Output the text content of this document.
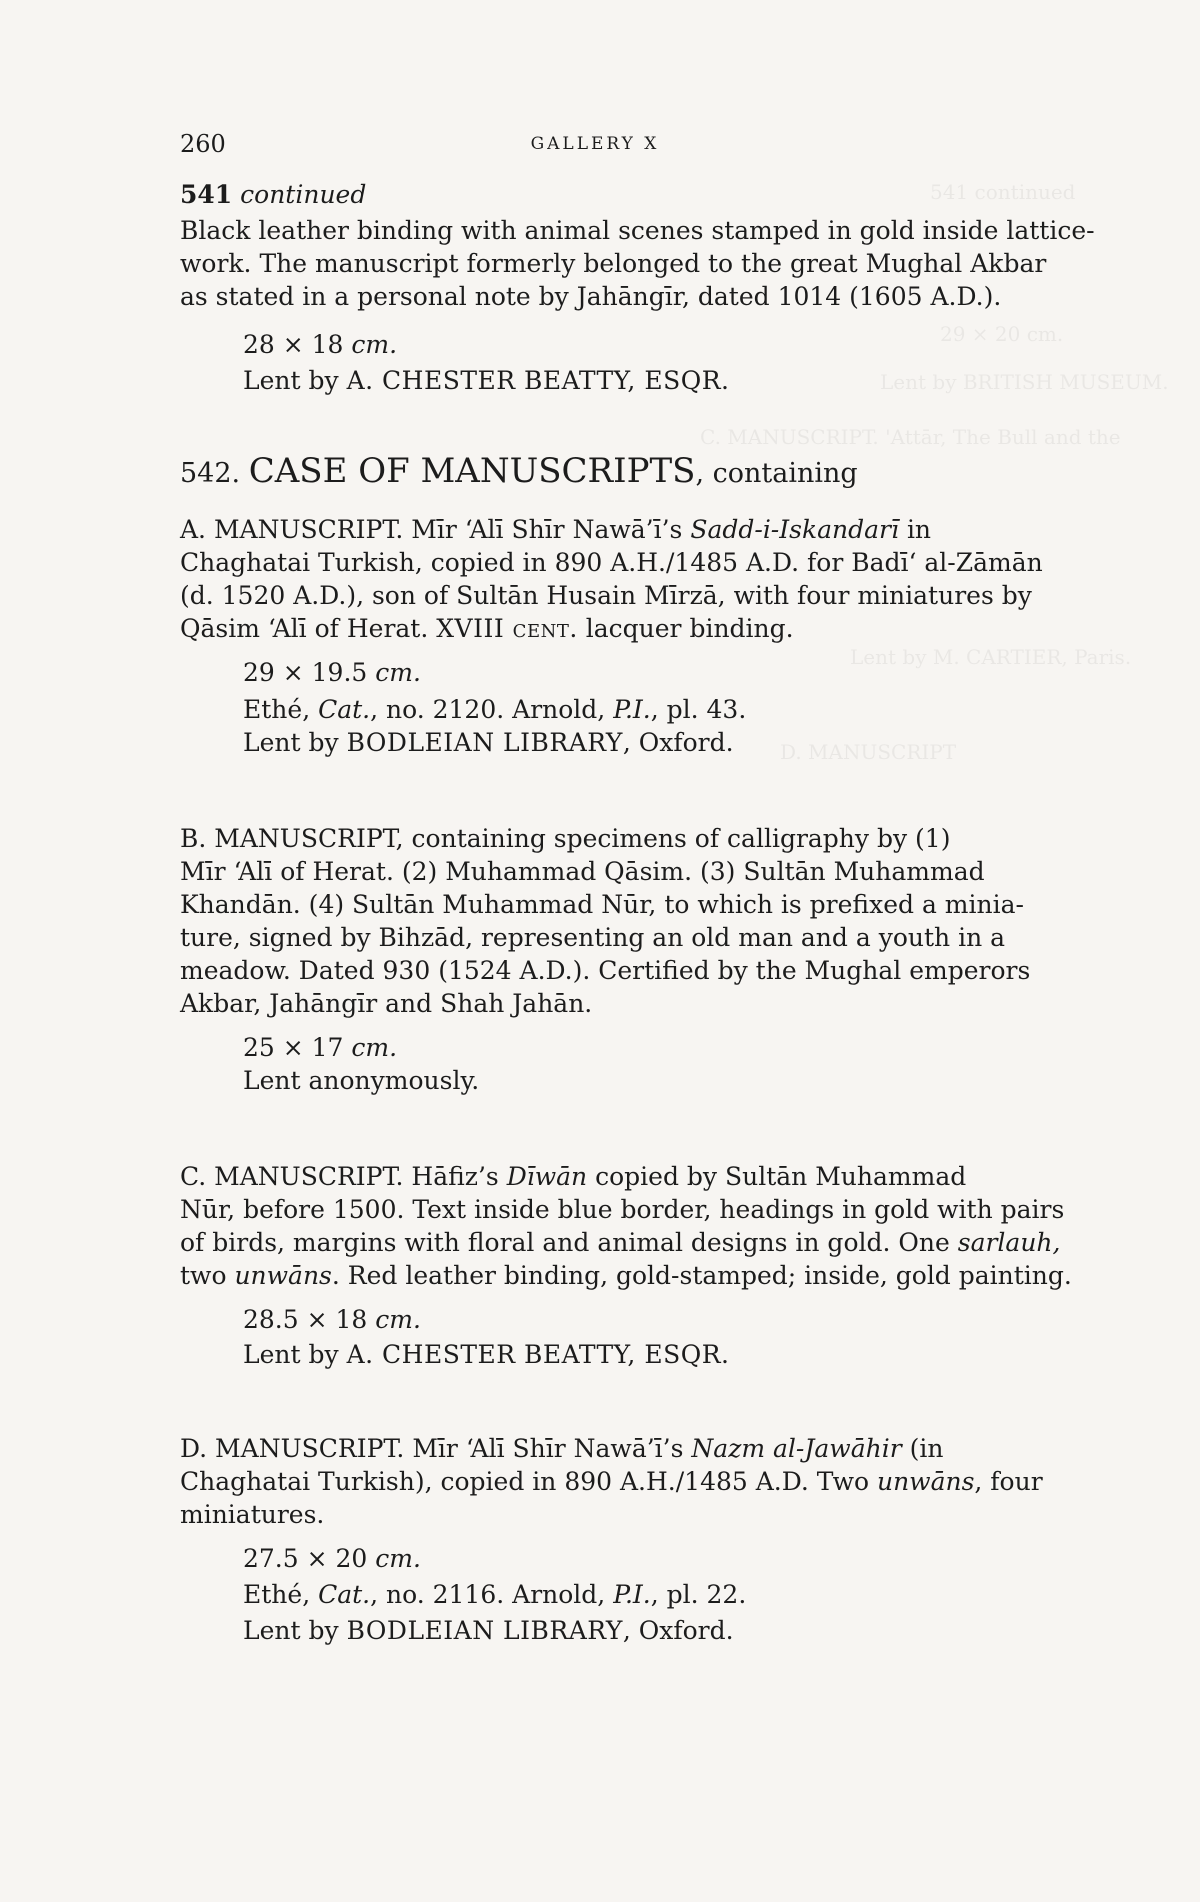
541 continued
29 × 20 cm.
Lent by BRITISH MUSEUM.
C. MANUSCRIPT. 'Attār, The Bull and the
Lent by M. CARTIER, Paris.
D. MANUSCRIPT
260	GALLERY X
541 continued
Black leather binding with animal scenes stamped in gold inside lattice-
work. The manuscript formerly belonged to the great Mughal Akbar
as stated in a personal note by Jahāngīr, dated 1014 (1605 A.D.).
28 × 18 cm.
Lent by A. CHESTER BEATTY, ESQR.
542. CASE OF MANUSCRIPTS, containing
A. MANUSCRIPT. Mīr ‘Alī Shīr Nawā’ī’s Sadd-i-Iskandarī in
Chaghatai Turkish, copied in 890 A.H./1485 A.D. for Badī‘ al-Zāmān
(d. 1520 A.D.), son of Sultān Husain Mīrzā, with four miniatures by
Qāsim ‘Alī of Herat. XVIII cent. lacquer binding.
29 × 19.5 cm.
Ethé, Cat., no. 2120. Arnold, P.I., pl. 43.
Lent by BODLEIAN LIBRARY, Oxford.
B. MANUSCRIPT, containing specimens of calligraphy by (1)
Mīr ‘Alī of Herat. (2) Muhammad Qāsim. (3) Sultān Muhammad
Khandān. (4) Sultān Muhammad Nūr, to which is prefixed a minia-
ture, signed by Bihzād, representing an old man and a youth in a
meadow. Dated 930 (1524 A.D.). Certified by the Mughal emperors
Akbar, Jahāngīr and Shah Jahān.
25 × 17 cm.
Lent anonymously.
C. MANUSCRIPT. Hāfiz’s Dīwān copied by Sultān Muhammad
Nūr, before 1500. Text inside blue border, headings in gold with pairs
of birds, margins with floral and animal designs in gold. One sarlauh,
two unwāns. Red leather binding, gold-stamped; inside, gold painting.
28.5 × 18 cm.
Lent by A. CHESTER BEATTY, ESQR.
D. MANUSCRIPT. Mīr ‘Alī Shīr Nawā’ī’s Nazm al-Jawāhir (in
Chaghatai Turkish), copied in 890 A.H./1485 A.D. Two unwāns, four
miniatures.
27.5 × 20 cm.
Ethé, Cat., no. 2116. Arnold, P.I., pl. 22.
Lent by BODLEIAN LIBRARY, Oxford.
